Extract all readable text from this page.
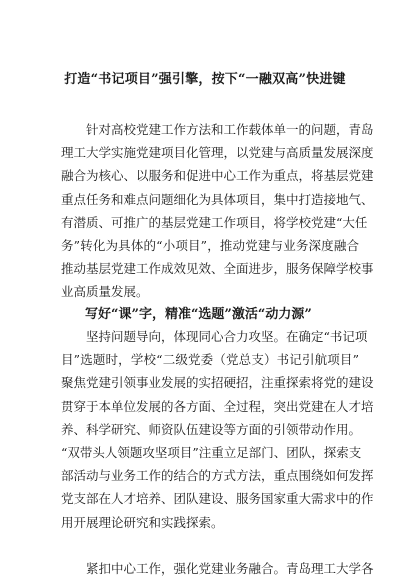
打造“书记项目”强引擎，按下“一融双高”快进键
　　针对高校党建工作方法和工作载体单一的问题，青岛
理工大学实施党建项目化管理，以党建与高质量发展深度
融合为核心、以服务和促进中心工作为重点，将基层党建
重点任务和难点问题细化为具体项目，集中打造接地气、
有潜质、可推广的基层党建工作项目，将学校党建“大任
务”转化为具体的“小项目”，推动党建与业务深度融合
推动基层党建工作成效见效、全面进步，服务保障学校事
业高质量发展。
写好“课”字，精准“选题”激活“动力源”
　　坚持问题导向，体现同心合力攻坚。在确定“书记项
目”选题时，学校“二级党委（党总支）书记引航项目”
聚焦党建引领事业发展的实招硬招，注重探索将党的建设
贯穿于本单位发展的各方面、全过程，突出党建在人才培
养、科学研究、师资队伍建设等方面的引领带动作用。
“双带头人领题攻坚项目”注重立足部门、团队，探索支
部活动与业务工作的结合的方式方法，重点围绕如何发挥
党支部在人才培养、团队建设、服务国家重大需求中的作
用开展理论研究和实践探索。
　　紧扣中心工作，强化党建业务融合。青岛理工大学各
